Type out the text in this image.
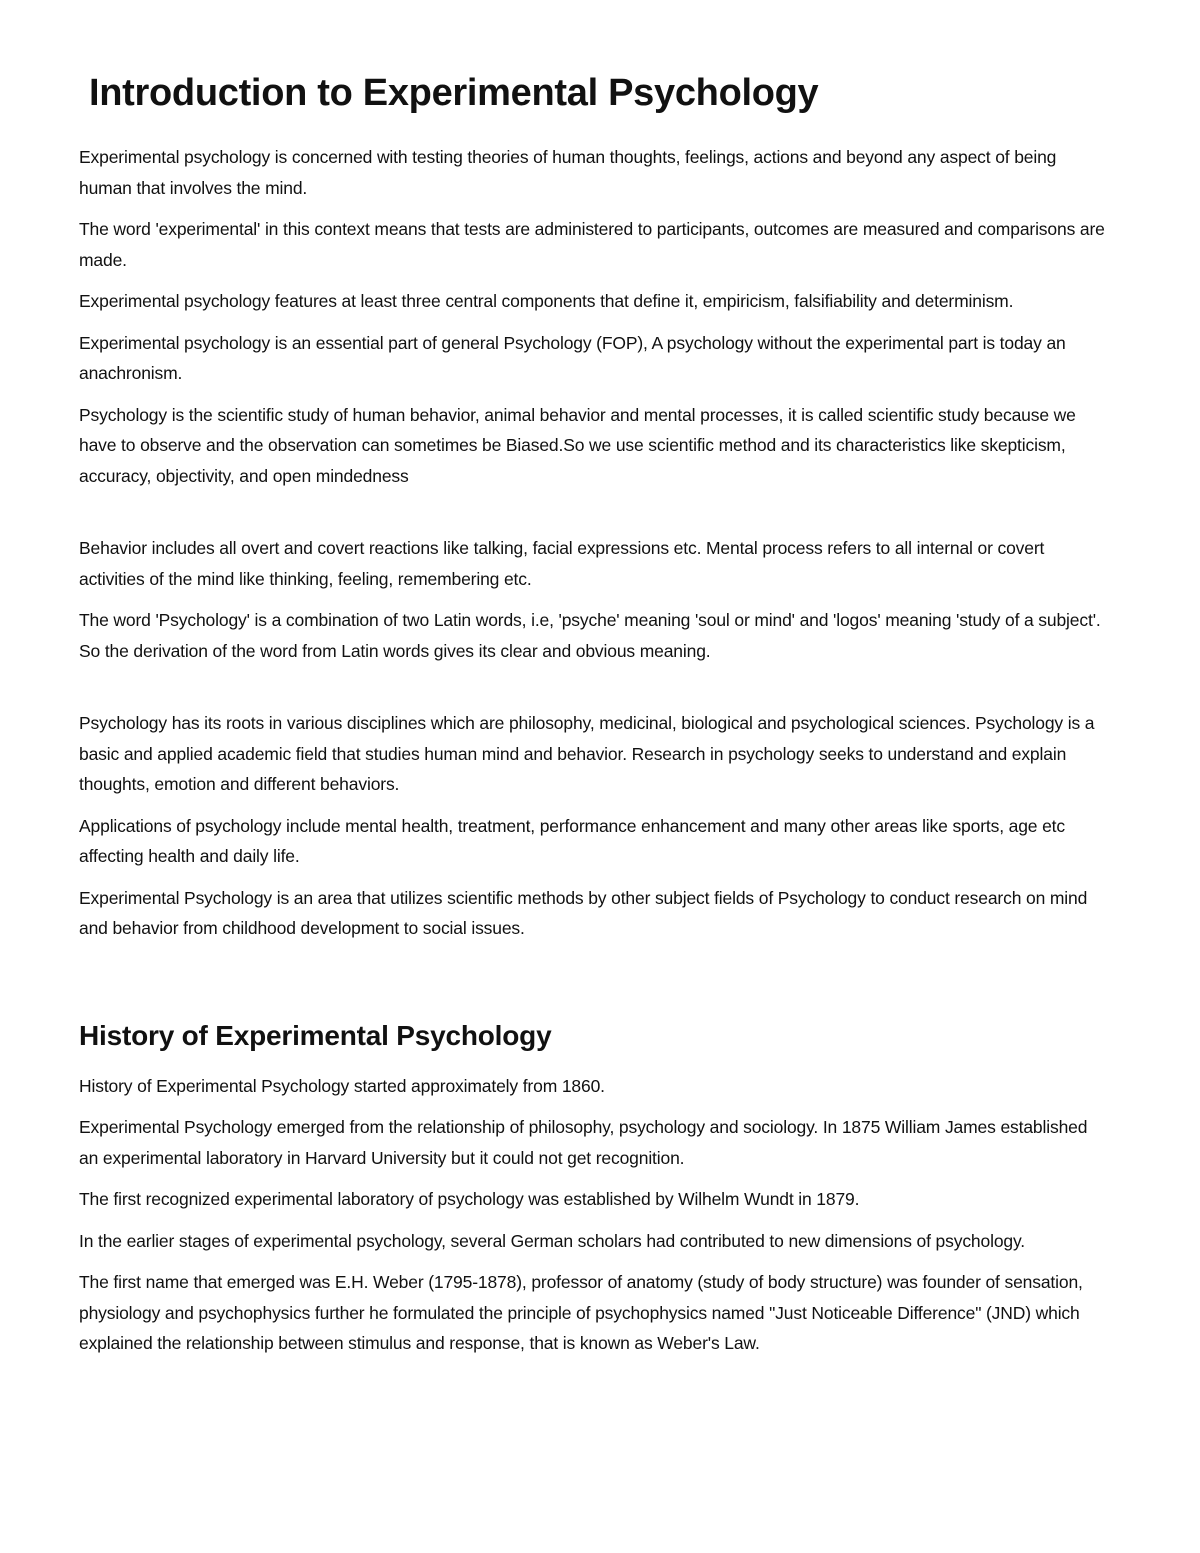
Introduction to Experimental Psychology

Experimental psychology is concerned with testing theories of human thoughts, feelings, actions and beyond any aspect of being human that involves the mind.

The word 'experimental' in this context means that tests are administered to participants, outcomes are measured and comparisons are made.

Experimental psychology features at least three central components that define it, empiricism, falsifiability and determinism.

Experimental psychology is an essential part of general Psychology (FOP), A psychology without the experimental part is today an anachronism.

Psychology is the scientific study of human behavior, animal behavior and mental processes, it is called scientific study because we have to observe and the observation can sometimes be Biased.So we use scientific method and its characteristics like skepticism, accuracy, objectivity, and open mindedness

Behavior includes all overt and covert reactions like talking, facial expressions etc. Mental process refers to all internal or covert activities of the mind like thinking, feeling, remembering etc.

The word 'Psychology' is a combination of two Latin words, i.e, 'psyche' meaning 'soul or mind' and 'logos' meaning 'study of a subject'. So the derivation of the word from Latin words gives its clear and obvious meaning.

Psychology has its roots in various disciplines which are philosophy, medicinal, biological and psychological sciences. Psychology is a basic and applied academic field that studies human mind and behavior. Research in psychology seeks to understand and explain thoughts, emotion and different behaviors.

Applications of psychology include mental health, treatment, performance enhancement and many other areas like sports, age etc affecting health and daily life.

Experimental Psychology is an area that utilizes scientific methods by other subject fields of Psychology to conduct research on mind and behavior from childhood development to social issues.

History of Experimental Psychology

History of Experimental Psychology started approximately from 1860.

Experimental Psychology emerged from the relationship of philosophy, psychology and sociology. In 1875 William James established an experimental laboratory in Harvard University but it could not get recognition.

The first recognized experimental laboratory of psychology was established by Wilhelm Wundt in 1879.

In the earlier stages of experimental psychology, several German scholars had contributed to new dimensions of psychology.

The first name that emerged was E.H. Weber (1795-1878), professor of anatomy (study of body structure) was founder of sensation, physiology and psychophysics further he formulated the principle of psychophysics named "Just Noticeable Difference" (JND) which explained the relationship between stimulus and response, that is known as Weber's Law.
